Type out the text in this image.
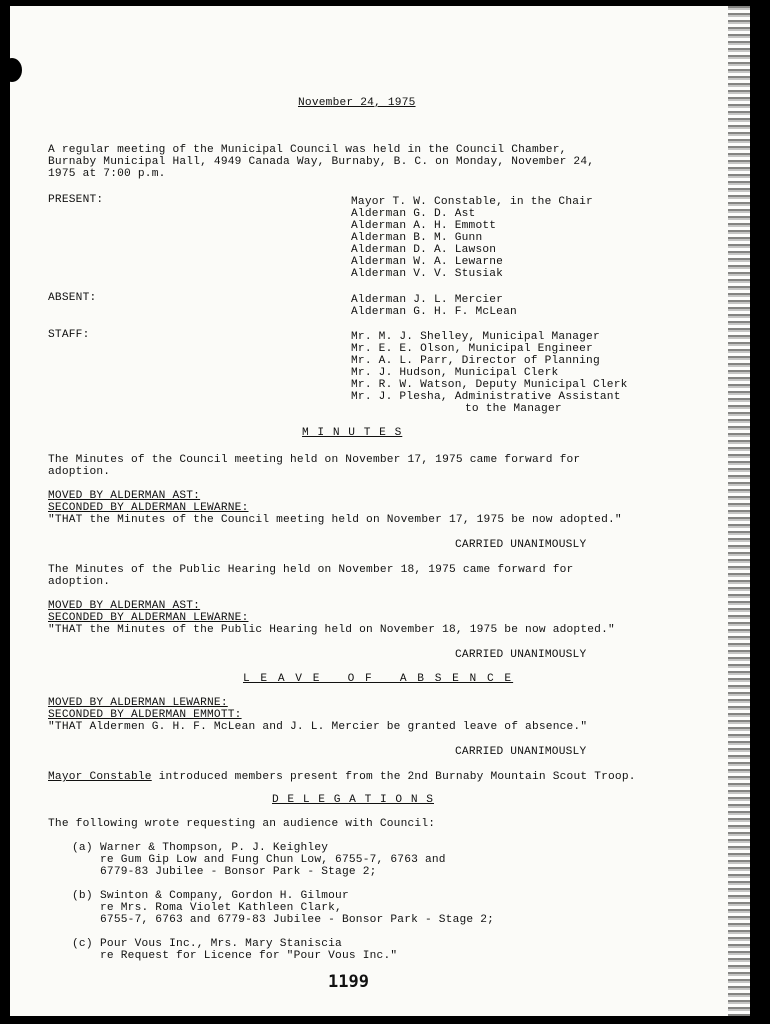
November 24, 1975
A regular meeting of the Municipal Council was held in the Council Chamber,
Burnaby Municipal Hall, 4949 Canada Way, Burnaby, B. C. on Monday, November 24,
1975 at 7:00 p.m.
PRESENT:	Mayor T. W. Constable, in the Chair
Alderman G. D. Ast
Alderman A. H. Emmott
Alderman B. M. Gunn
Alderman D. A. Lawson
Alderman W. A. Lewarne
Alderman V. V. Stusiak
ABSENT:	Alderman J. L. Mercier
Alderman G. H. F. McLean
STAFF:	Mr. M. J. Shelley, Municipal Manager
Mr. E. E. Olson, Municipal Engineer
Mr. A. L. Parr, Director of Planning
Mr. J. Hudson, Municipal Clerk
Mr. R. W. Watson, Deputy Municipal Clerk
Mr. J. Plesha, Administrative Assistant
to the Manager
M I N U T E S
The Minutes of the Council meeting held on November 17, 1975 came forward for
adoption.
MOVED BY ALDERMAN AST:
SECONDED BY ALDERMAN LEWARNE:
"THAT the Minutes of the Council meeting held on November 17, 1975 be now adopted."
CARRIED UNANIMOUSLY
The Minutes of the Public Hearing held on November 18, 1975 came forward for
adoption.
MOVED BY ALDERMAN AST:
SECONDED BY ALDERMAN LEWARNE:
"THAT the Minutes of the Public Hearing held on November 18, 1975 be now adopted."
CARRIED UNANIMOUSLY
L E A V E   O F   A B S E N C E
MOVED BY ALDERMAN LEWARNE:
SECONDED BY ALDERMAN EMMOTT:
"THAT Aldermen G. H. F. McLean and J. L. Mercier be granted leave of absence."
CARRIED UNANIMOUSLY
Mayor Constable introduced members present from the 2nd Burnaby Mountain Scout Troop.
D E L E G A T I O N S
The following wrote requesting an audience with Council:
(a) Warner & Thompson, P. J. Keighley
re Gum Gip Low and Fung Chun Low, 6755-7, 6763 and
6779-83 Jubilee - Bonsor Park - Stage 2;
(b) Swinton & Company, Gordon H. Gilmour
re Mrs. Roma Violet Kathleen Clark,
6755-7, 6763 and 6779-83 Jubilee - Bonsor Park - Stage 2;
(c) Pour Vous Inc., Mrs. Mary Staniscia
re Request for Licence for "Pour Vous Inc."
1199
